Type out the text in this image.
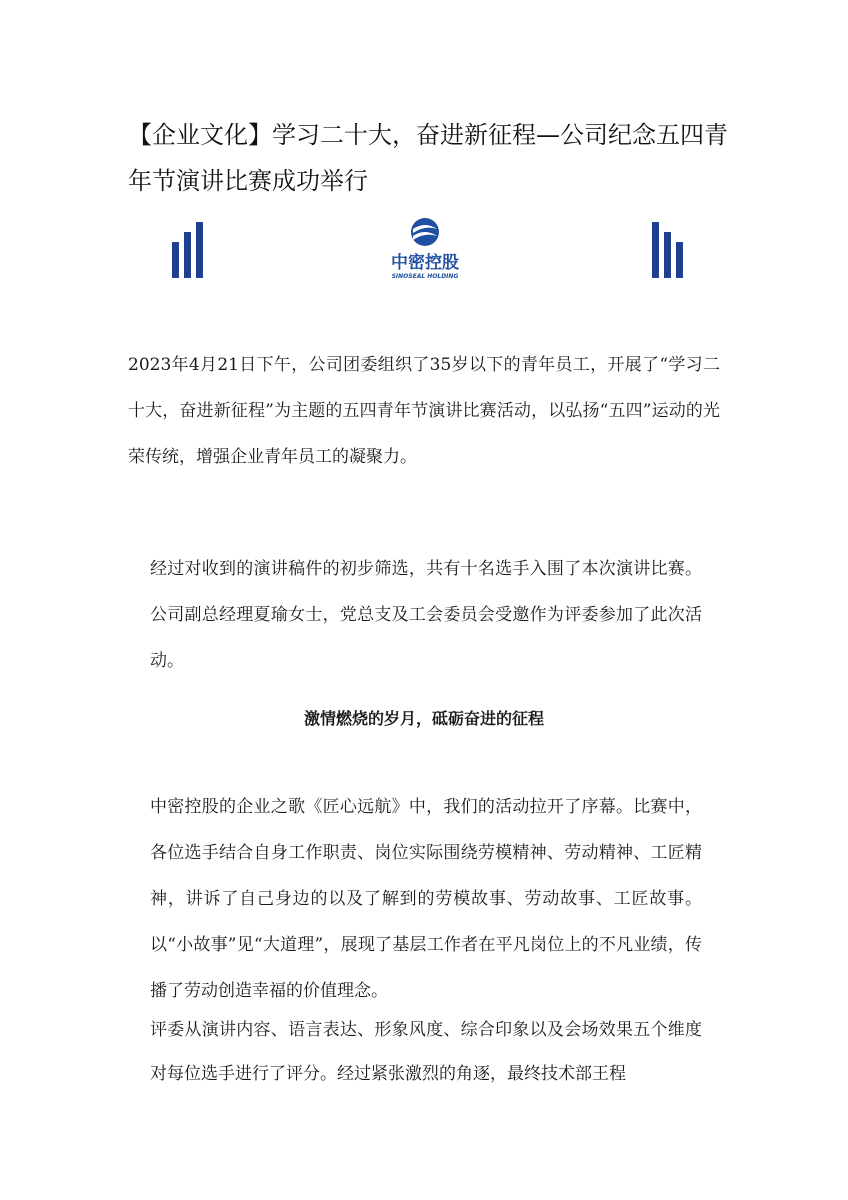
【企业文化】学习二十大，奋进新征程—公司纪念五四青年节演讲比赛成功举行
中密控股
SINOSEAL HOLDING

2023年4月21日下午，公司团委组织了35岁以下的青年员工，开展了“学习二十大，奋进新征程”为主题的五四青年节演讲比赛活动，以弘扬“五四”运动的光荣传统，增强企业青年员工的凝聚力。

经过对收到的演讲稿件的初步筛选，共有十名选手入围了本次演讲比赛。公司副总经理夏瑜女士，党总支及工会委员会受邀作为评委参加了此次活动。

激情燃烧的岁月，砥砺奋进的征程

中密控股的企业之歌《匠心远航》中，我们的活动拉开了序幕。比赛中，各位选手结合自身工作职责、岗位实际围绕劳模精神、劳动精神、工匠精神，讲诉了自己身边的以及了解到的劳模故事、劳动故事、工匠故事。以“小故事”见“大道理”，展现了基层工作者在平凡岗位上的不凡业绩，传播了劳动创造幸福的价值理念。

评委从演讲内容、语言表达、形象风度、综合印象以及会场效果五个维度对每位选手进行了评分。经过紧张激烈的角逐，最终技术部王程
